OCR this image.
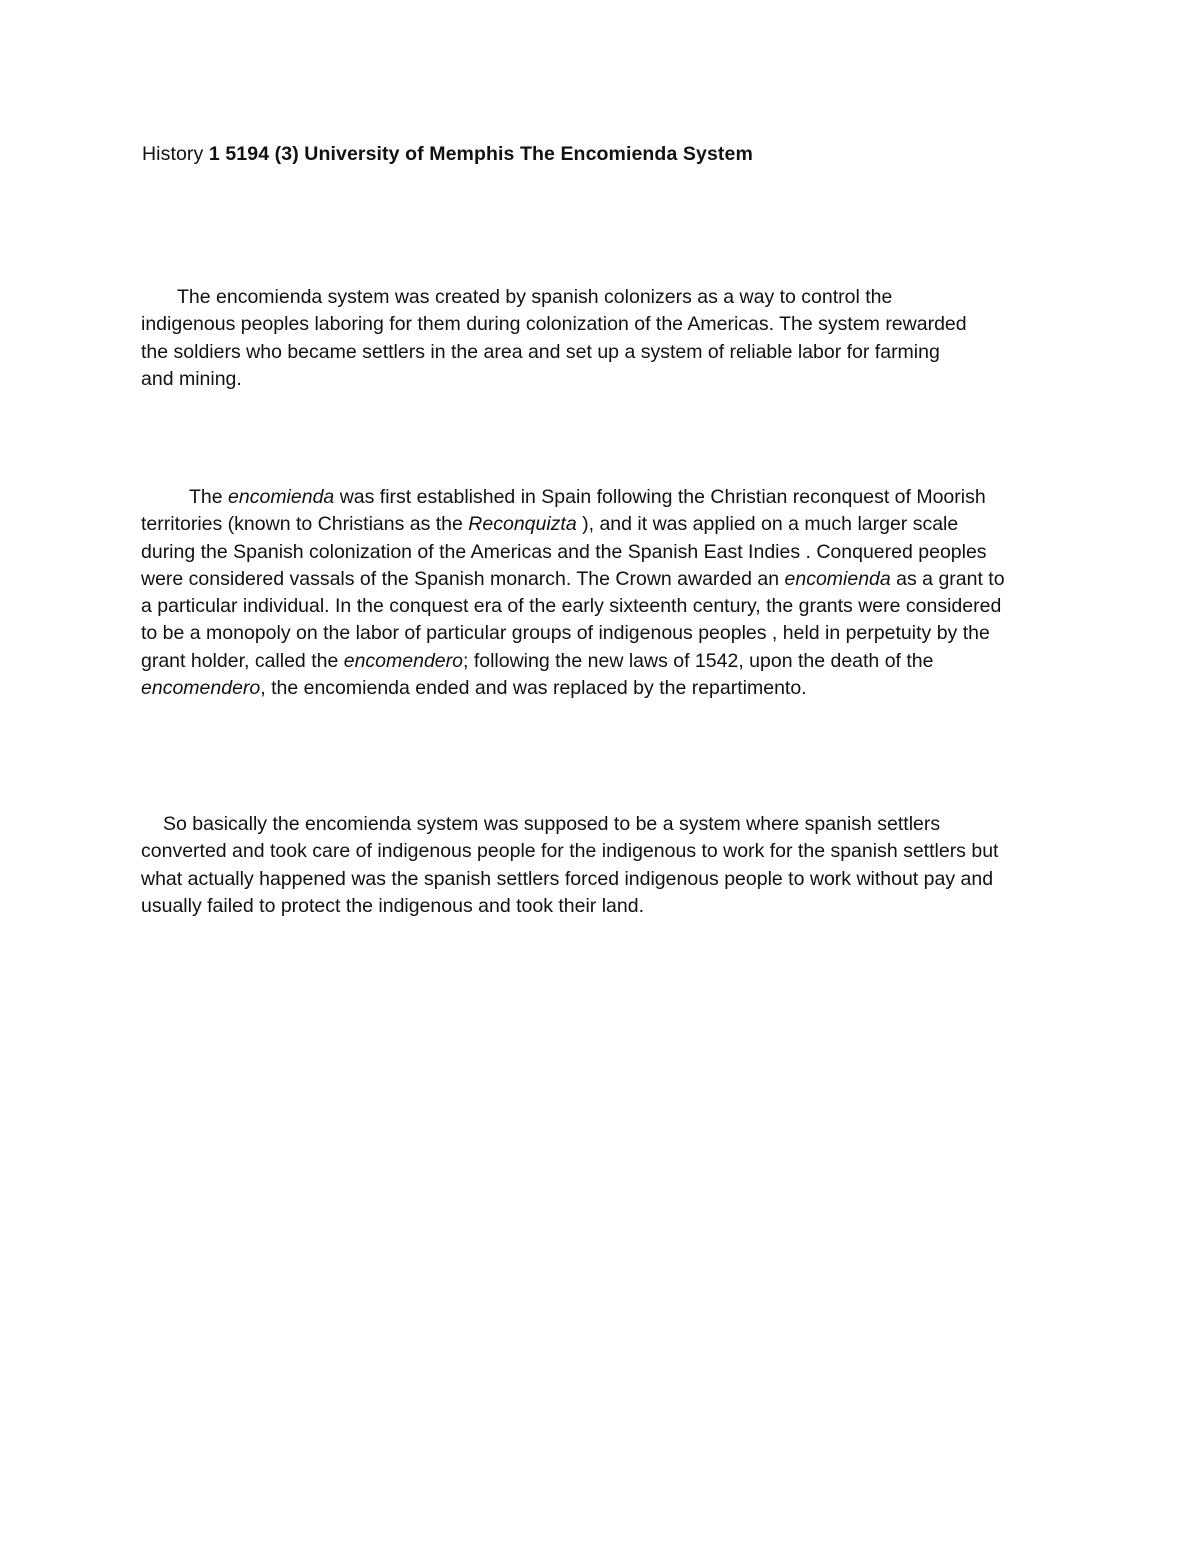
History 1 5194 (3) University of Memphis The Encomienda System
The encomienda system was created by spanish colonizers as a way to control the
indigenous peoples laboring for them during colonization of the Americas. The system rewarded
the soldiers who became settlers in the area and set up a system of reliable labor for farming
and mining.
The encomienda was first established in Spain following the Christian reconquest of Moorish
territories (known to Christians as the Reconquizta ), and it was applied on a much larger scale
during the Spanish colonization of the Americas and the Spanish East Indies . Conquered peoples
were considered vassals of the Spanish monarch. The Crown awarded an encomienda as a grant to
a particular individual. In the conquest era of the early sixteenth century, the grants were considered
to be a monopoly on the labor of particular groups of indigenous peoples , held in perpetuity by the
grant holder, called the encomendero; following the new laws of 1542, upon the death of the
encomendero, the encomienda ended and was replaced by the repartimento.
So basically the encomienda system was supposed to be a system where spanish settlers
converted and took care of indigenous people for the indigenous to work for the spanish settlers but
what actually happened was the spanish settlers forced indigenous people to work without pay and
usually failed to protect the indigenous and took their land.
